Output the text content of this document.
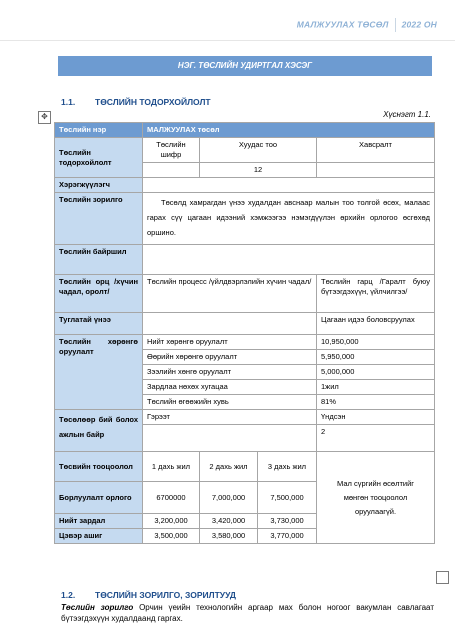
МАЛЖУУЛАХ ТӨСӨЛ 2022 ОН
НЭГ. ТӨСЛИЙН УДИРТГАЛ ХЭСЭГ
1.1. ТӨСЛИЙН ТОДОРХОЙЛОЛТ
✥	Хүснэгт 1.1.
Төслийн нэр	МАЛЖУУЛАХ төсөл			
Төслийн тодорхойлолт	Төслийн шифр	Хуудас тоо		Хавсралт
		12		
Хэрэгжүүлэгч				
Төслийн зорилго	Төсөлд хамрагдан үнээ худалдан авснаар малын тоо толгой өсөх, малаас гарах сүү цагаан идээний хэмжээгээ нэмэгдүүлэн өрхийн орлогоо өсгөхөд оршино.			
Төслийн байршил				
Төслийн орц /хүчин чадал, оролт/	Төслийн процесс /үйлдвэрлэлийн хүчин чадал/			Төслийн гарц /Гаралт буюу бүтээгдэхүүн, үйлчилгээ/
Туглатай үнээ				Цагаан идээ боловсруулах
Төслийн хөрөнгө оруулалт	Нийт хөрөнгө оруулалт			10,950,000
	Өөрийн хөрөнгө оруулалт			5,950,000
	Зээлийн хөнгө оруулалт			5,000,000
	Зардлаа нөхөх хугацаа			1жил
	Төслийн өгөөжийн хувь			81%
Төсөлөөр бий болох ажлын байр	Гэрээт			Үндсэн
				2
Төсвийн тооцоолол	1 дахь жил	2 дахь жил	3 дахь жил	Мал сүргийн өсөлтийг мөнгөн тооцоолол оруулаагүй.
Борлуулалт орлого	6700000	7,000,000	7,500,000	
Нийт зардал	3,200,000	3,420,000	3,730,000	
Цэвэр ашиг	3,500,000	3,580,000	3,770,000	
1.2. ТӨСЛИЙН ЗОРИЛГО, ЗОРИЛТУУД
Төслийн зорилго Орчин үеийн технологийн аргаар мах болон ногоог вакумлан савлагаат бүтээгдэхүүн худалдаанд гаргах.
